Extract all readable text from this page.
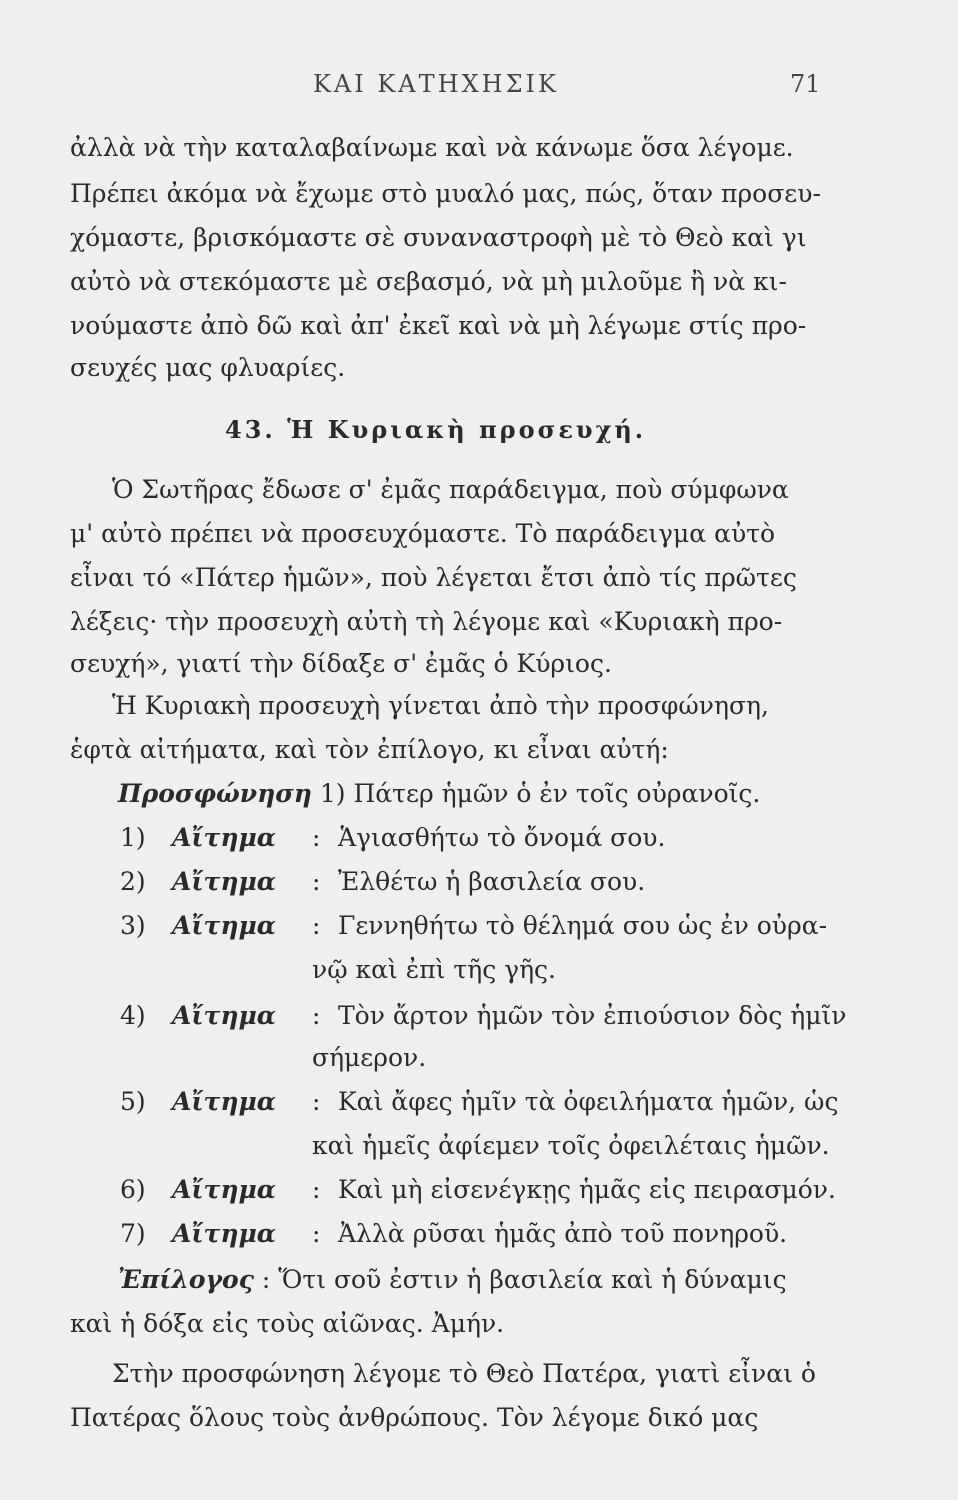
ΚΑΙ ΚΑΤΗΧΗΣΙΚ	71
ἀλλὰ νὰ τὴν καταλαβαίνωμε καὶ νὰ κάνωμε ὅσα λέγομε.
Πρέπει ἀκόμα νὰ ἔχωμε στὸ μυαλό μας, πώς, ὅταν προσευ-
χόμαστε, βρισκόμαστε σὲ συναναστροφὴ μὲ τὸ Θεὸ καὶ γι
αὐτὸ νὰ στεκόμαστε μὲ σεβασμό, νὰ μὴ μιλοῦμε ἢ νὰ κι-
νούμαστε ἀπὸ δῶ καὶ ἀπ' ἐκεῖ καὶ νὰ μὴ λέγωμε στίς προ-
σευχές μας φλυαρίες.
43. Ἡ Κυριακὴ προσευχή.
Ὁ Σωτῆρας ἔδωσε σ' ἐμᾶς παράδειγμα, ποὺ σύμφωνα
μ' αὐτὸ πρέπει νὰ προσευχόμαστε. Τὸ παράδειγμα αὐτὸ
εἶναι τό «Πάτερ ἡμῶν», ποὺ λέγεται ἔτσι ἀπὸ τίς πρῶτες
λέξεις· τὴν προσευχὴ αὐτὴ τὴ λέγομε καὶ «Κυριακὴ προ-
σευχή», γιατί τὴν δίδαξε σ' ἐμᾶς ὁ Κύριος.
Ἡ Κυριακὴ προσευχὴ γίνεται ἀπὸ τὴν προσφώνηση,
ἑφτὰ αἰτήματα, καὶ τὸν ἐπίλογο, κι εἶναι αὐτή:
Προσφώνηση 1) Πάτερ ἡμῶν ὁ ἐν τοῖς οὐρανοῖς.
1) Αἴτημα : Ἁγιασθήτω τὸ ὄνομά σου.
2) Αἴτημα : Ἐλθέτω ἡ βασιλεία σου.
3) Αἴτημα : Γεννηθήτω τὸ θέλημά σου ὡς ἐν οὐρα-
νῷ καὶ ἐπὶ τῆς γῆς.
4) Αἴτημα : Τὸν ἄρτον ἡμῶν τὸν ἐπιούσιον δὸς ἡμῖν
σήμερον.
5) Αἴτημα : Καὶ ἄφες ἡμῖν τὰ ὀφειλήματα ἡμῶν, ὡς
καὶ ἡμεῖς ἀφίεμεν τοῖς ὀφειλέταις ἡμῶν.
6) Αἴτημα : Καὶ μὴ εἰσενέγκῃς ἡμᾶς εἰς πειρασμόν.
7) Αἴτημα : Ἀλλὰ ρῦσαι ἡμᾶς ἀπὸ τοῦ πονηροῦ.
Ἐπίλογος : Ὅτι σοῦ ἐστιν ἡ βασιλεία καὶ ἡ δύναμις
καὶ ἡ δόξα εἰς τοὺς αἰῶνας. Ἀμήν.
Στὴν προσφώνηση λέγομε τὸ Θεὸ Πατέρα, γιατὶ εἶναι ὁ
Πατέρας ὅλους τοὺς ἀνθρώπους. Τὸν λέγομε δικό μας
